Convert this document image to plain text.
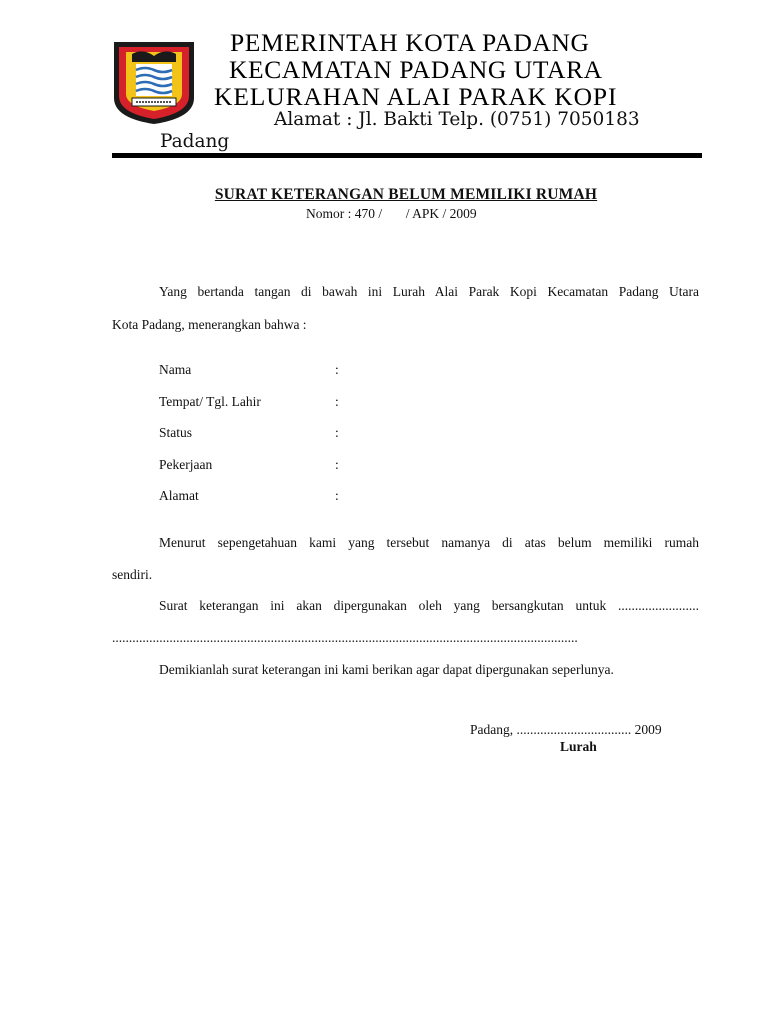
PEMERINTAH KOTA PADANG
KECAMATAN PADANG UTARA
KELURAHAN ALAI PARAK KOPI
Alamat : Jl. Bakti Telp. (0751) 7050183
Padang
SURAT KETERANGAN BELUM MEMILIKI RUMAH
Nomor : 470 /       / APK / 2009
Yang bertanda tangan di bawah ini Lurah Alai Parak Kopi Kecamatan Padang Utara
Kota Padang, menerangkan bahwa :
Nama	:
Tempat/ Tgl. Lahir	:
Status	:
Pekerjaan	:
Alamat	:
Menurut sepengetahuan kami yang tersebut namanya di atas belum memiliki rumah
sendiri.
Surat keterangan ini akan dipergunakan oleh yang bersangkutan untuk ........................
..........................................................................................................................................
Demikianlah surat keterangan ini kami berikan agar dapat dipergunakan seperlunya.
Padang, .................................. 2009
Lurah
